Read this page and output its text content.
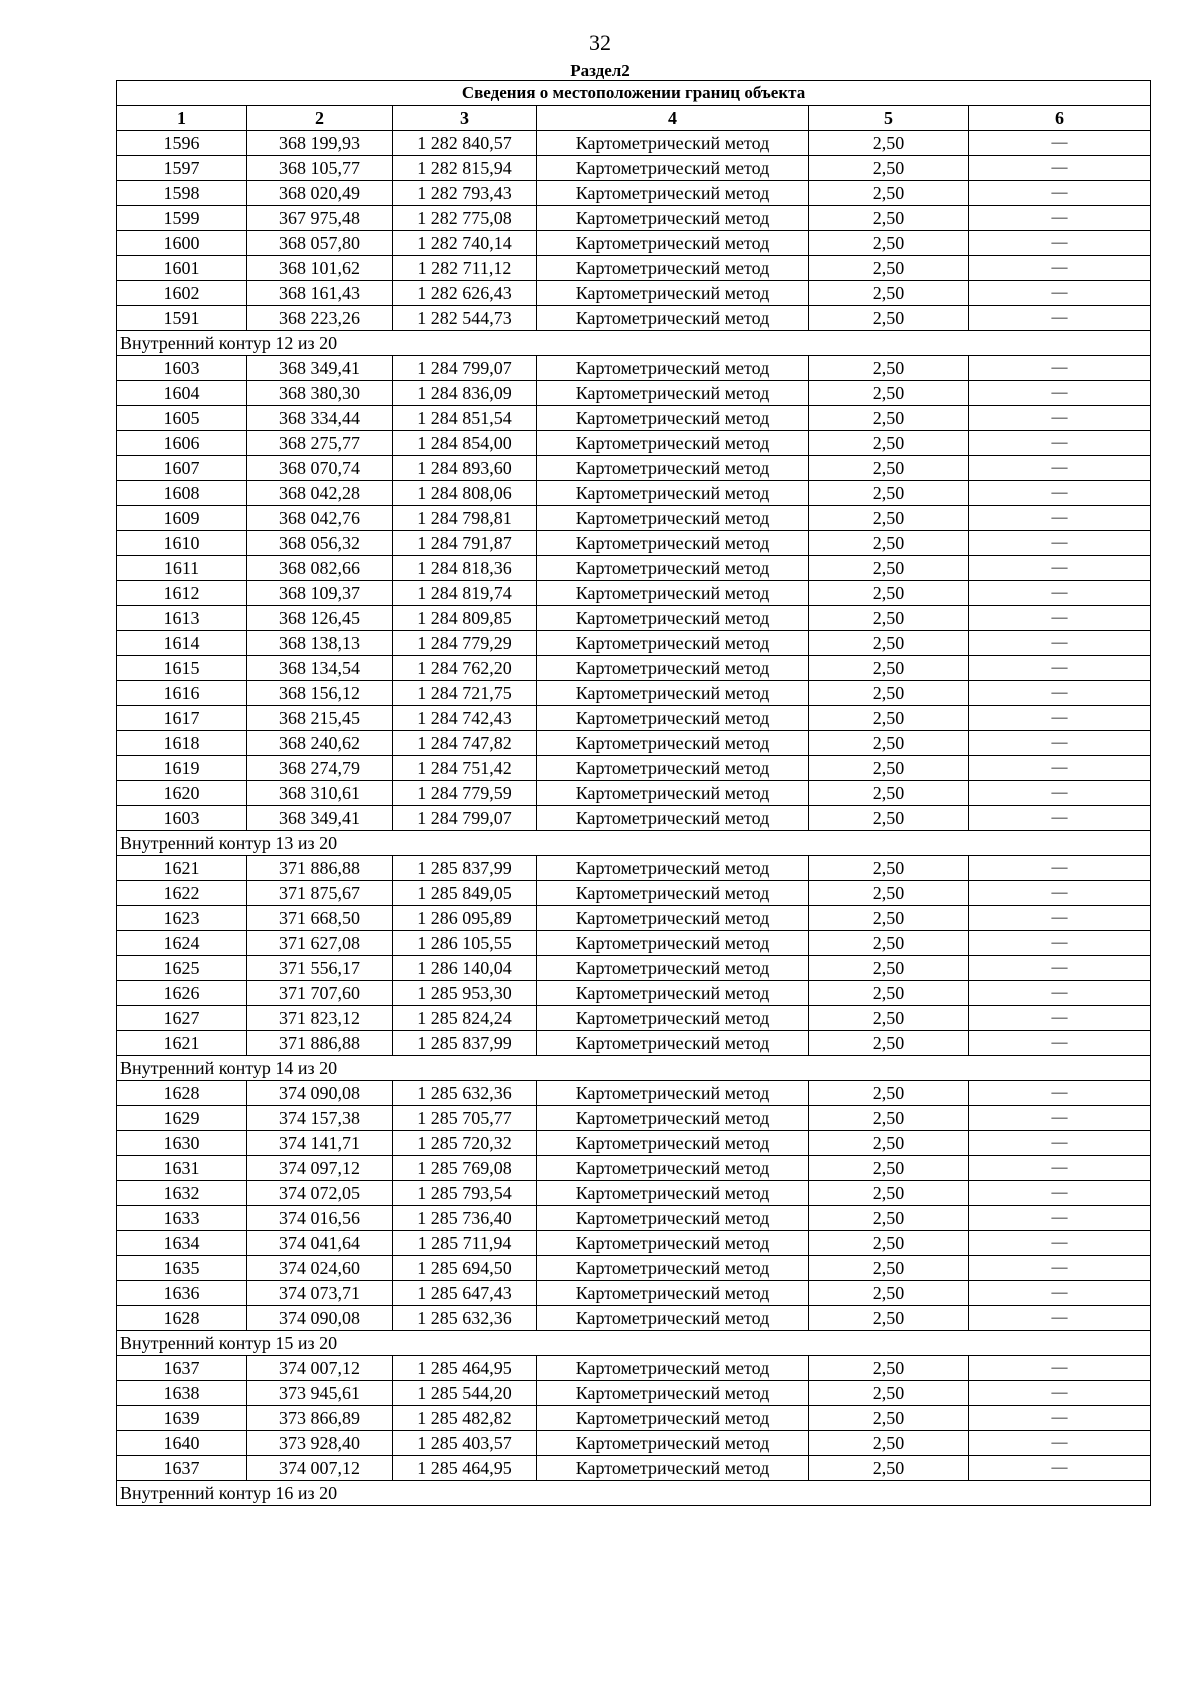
32
Раздел2
Сведения о местоположении границ объекта					
1	2	3	4	5	6
1596	368 199,93	1 282 840,57	Картометрический метод	2,50	—
1597	368 105,77	1 282 815,94	Картометрический метод	2,50	—
1598	368 020,49	1 282 793,43	Картометрический метод	2,50	—
1599	367 975,48	1 282 775,08	Картометрический метод	2,50	—
1600	368 057,80	1 282 740,14	Картометрический метод	2,50	—
1601	368 101,62	1 282 711,12	Картометрический метод	2,50	—
1602	368 161,43	1 282 626,43	Картометрический метод	2,50	—
1591	368 223,26	1 282 544,73	Картометрический метод	2,50	—
Внутренний контур 12 из 20					
1603	368 349,41	1 284 799,07	Картометрический метод	2,50	—
1604	368 380,30	1 284 836,09	Картометрический метод	2,50	—
1605	368 334,44	1 284 851,54	Картометрический метод	2,50	—
1606	368 275,77	1 284 854,00	Картометрический метод	2,50	—
1607	368 070,74	1 284 893,60	Картометрический метод	2,50	—
1608	368 042,28	1 284 808,06	Картометрический метод	2,50	—
1609	368 042,76	1 284 798,81	Картометрический метод	2,50	—
1610	368 056,32	1 284 791,87	Картометрический метод	2,50	—
1611	368 082,66	1 284 818,36	Картометрический метод	2,50	—
1612	368 109,37	1 284 819,74	Картометрический метод	2,50	—
1613	368 126,45	1 284 809,85	Картометрический метод	2,50	—
1614	368 138,13	1 284 779,29	Картометрический метод	2,50	—
1615	368 134,54	1 284 762,20	Картометрический метод	2,50	—
1616	368 156,12	1 284 721,75	Картометрический метод	2,50	—
1617	368 215,45	1 284 742,43	Картометрический метод	2,50	—
1618	368 240,62	1 284 747,82	Картометрический метод	2,50	—
1619	368 274,79	1 284 751,42	Картометрический метод	2,50	—
1620	368 310,61	1 284 779,59	Картометрический метод	2,50	—
1603	368 349,41	1 284 799,07	Картометрический метод	2,50	—
Внутренний контур 13 из 20					
1621	371 886,88	1 285 837,99	Картометрический метод	2,50	—
1622	371 875,67	1 285 849,05	Картометрический метод	2,50	—
1623	371 668,50	1 286 095,89	Картометрический метод	2,50	—
1624	371 627,08	1 286 105,55	Картометрический метод	2,50	—
1625	371 556,17	1 286 140,04	Картометрический метод	2,50	—
1626	371 707,60	1 285 953,30	Картометрический метод	2,50	—
1627	371 823,12	1 285 824,24	Картометрический метод	2,50	—
1621	371 886,88	1 285 837,99	Картометрический метод	2,50	—
Внутренний контур 14 из 20					
1628	374 090,08	1 285 632,36	Картометрический метод	2,50	—
1629	374 157,38	1 285 705,77	Картометрический метод	2,50	—
1630	374 141,71	1 285 720,32	Картометрический метод	2,50	—
1631	374 097,12	1 285 769,08	Картометрический метод	2,50	—
1632	374 072,05	1 285 793,54	Картометрический метод	2,50	—
1633	374 016,56	1 285 736,40	Картометрический метод	2,50	—
1634	374 041,64	1 285 711,94	Картометрический метод	2,50	—
1635	374 024,60	1 285 694,50	Картометрический метод	2,50	—
1636	374 073,71	1 285 647,43	Картометрический метод	2,50	—
1628	374 090,08	1 285 632,36	Картометрический метод	2,50	—
Внутренний контур 15 из 20					
1637	374 007,12	1 285 464,95	Картометрический метод	2,50	—
1638	373 945,61	1 285 544,20	Картометрический метод	2,50	—
1639	373 866,89	1 285 482,82	Картометрический метод	2,50	—
1640	373 928,40	1 285 403,57	Картометрический метод	2,50	—
1637	374 007,12	1 285 464,95	Картометрический метод	2,50	—
Внутренний контур 16 из 20					
